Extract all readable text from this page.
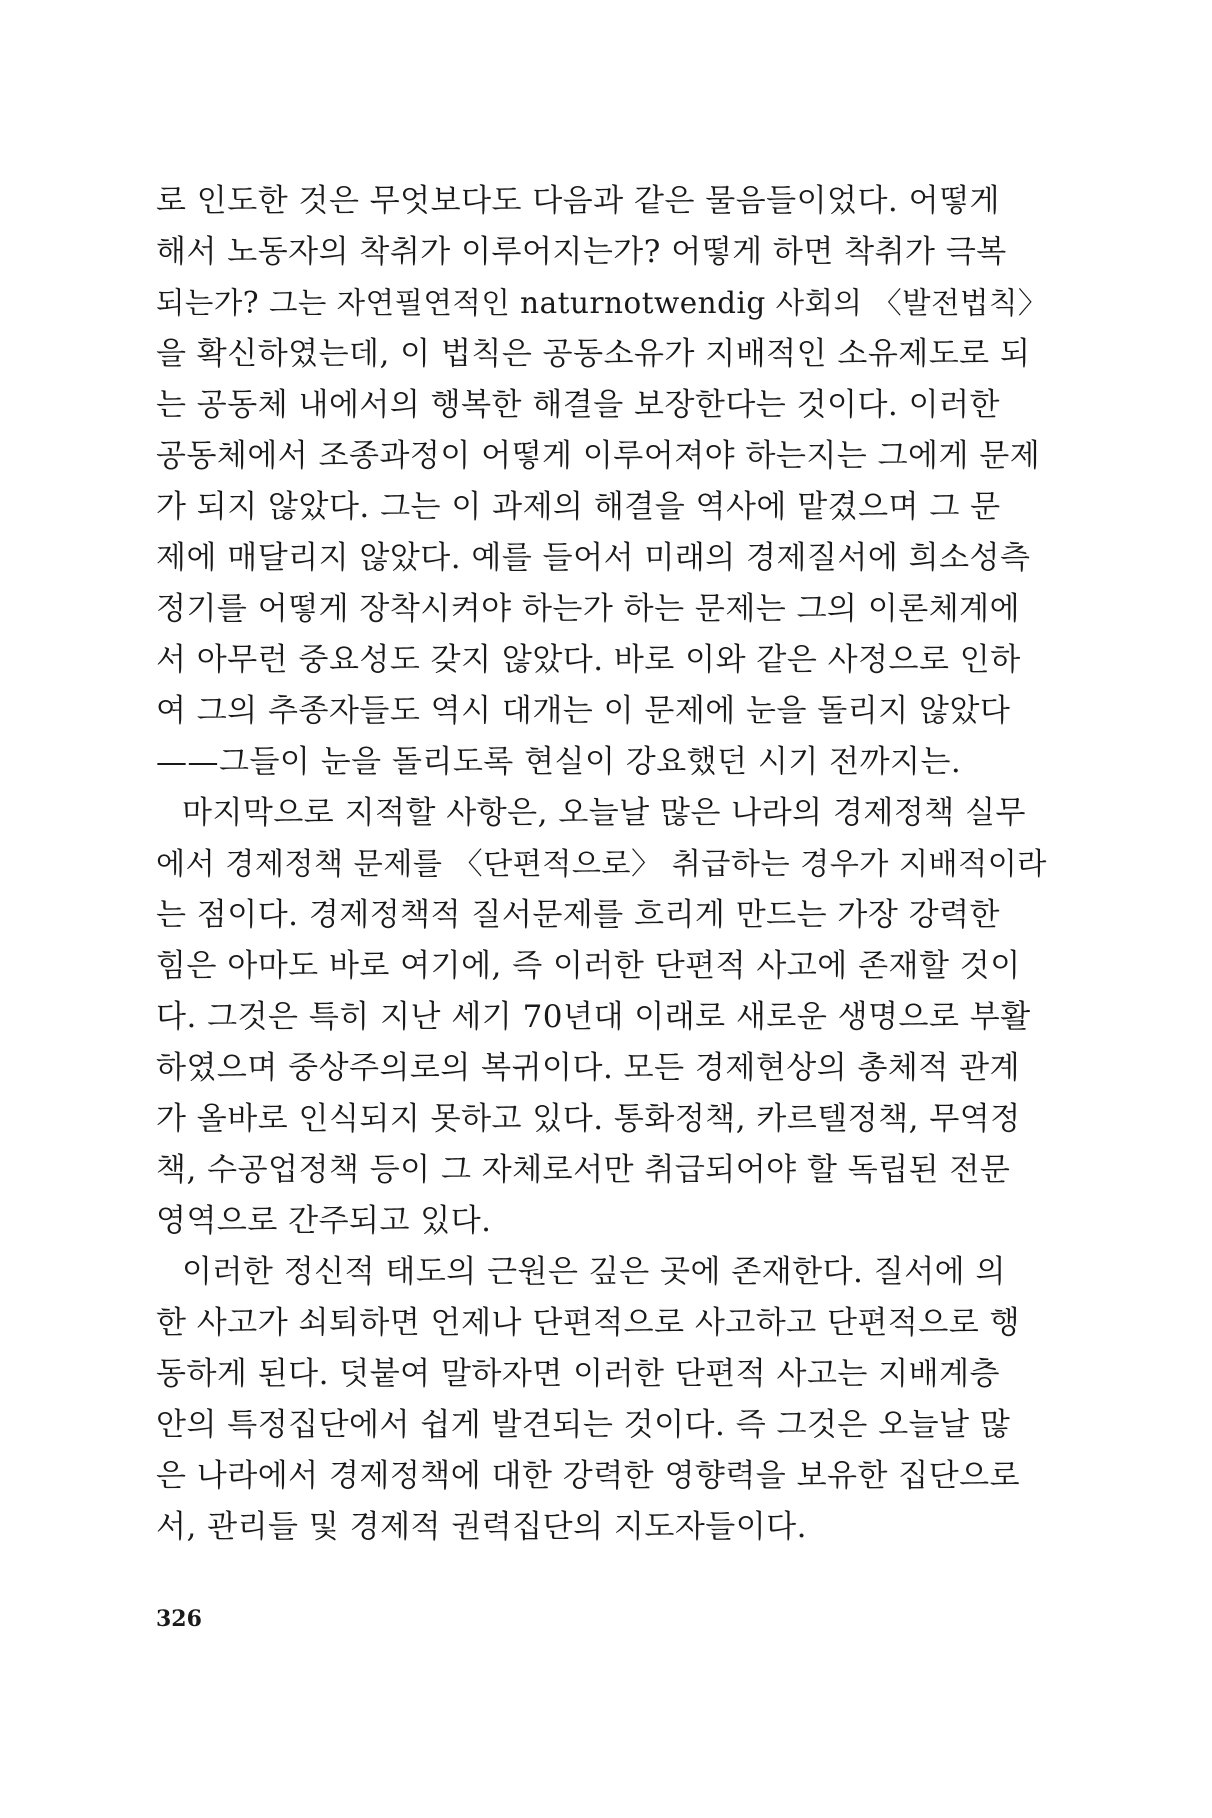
로 인도한 것은 무엇보다도 다음과 같은 물음들이었다. 어떻게
해서 노동자의 착취가 이루어지는가? 어떻게 하면 착취가 극복
되는가? 그는 자연필연적인 naturnotwendig 사회의 〈발전법칙〉
을 확신하였는데, 이 법칙은 공동소유가 지배적인 소유제도로 되
는 공동체 내에서의 행복한 해결을 보장한다는 것이다. 이러한
공동체에서 조종과정이 어떻게 이루어져야 하는지는 그에게 문제
가 되지 않았다. 그는 이 과제의 해결을 역사에 맡겼으며 그 문
제에 매달리지 않았다. 예를 들어서 미래의 경제질서에 희소성측
정기를 어떻게 장착시켜야 하는가 하는 문제는 그의 이론체계에
서 아무런 중요성도 갖지 않았다. 바로 이와 같은 사정으로 인하
여 그의 추종자들도 역시 대개는 이 문제에 눈을 돌리지 않았다
——그들이 눈을 돌리도록 현실이 강요했던 시기 전까지는.
마지막으로 지적할 사항은, 오늘날 많은 나라의 경제정책 실무
에서 경제정책 문제를 〈단편적으로〉 취급하는 경우가 지배적이라
는 점이다. 경제정책적 질서문제를 흐리게 만드는 가장 강력한
힘은 아마도 바로 여기에, 즉 이러한 단편적 사고에 존재할 것이
다. 그것은 특히 지난 세기 70년대 이래로 새로운 생명으로 부활
하였으며 중상주의로의 복귀이다. 모든 경제현상의 총체적 관계
가 올바로 인식되지 못하고 있다. 통화정책, 카르텔정책, 무역정
책, 수공업정책 등이 그 자체로서만 취급되어야 할 독립된 전문
영역으로 간주되고 있다.
이러한 정신적 태도의 근원은 깊은 곳에 존재한다. 질서에 의
한 사고가 쇠퇴하면 언제나 단편적으로 사고하고 단편적으로 행
동하게 된다. 덧붙여 말하자면 이러한 단편적 사고는 지배계층
안의 특정집단에서 쉽게 발견되는 것이다. 즉 그것은 오늘날 많
은 나라에서 경제정책에 대한 강력한 영향력을 보유한 집단으로
서, 관리들 및 경제적 권력집단의 지도자들이다.
326
